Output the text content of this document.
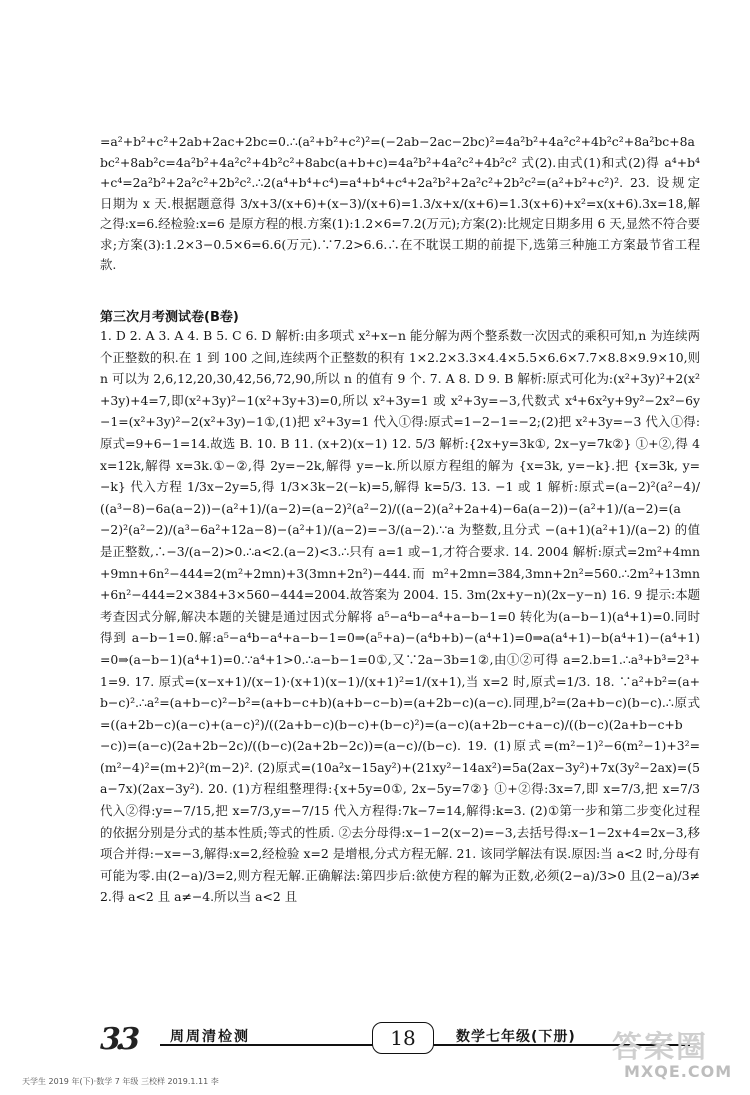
=a²+b²+c²+2ab+2ac+2bc=0.∴(a²+b²+c²)²=(−2ab−2ac−2bc)²=4a²b²+4a²c²+4b²c²+8a²bc+8abc²+8ab²c=4a²b²+4a²c²+4b²c²+8abc(a+b+c)=4a²b²+4a²c²+4b²c² 式(2).由式(1)和式(2)得 a⁴+b⁴+c⁴=2a²b²+2a²c²+2b²c².∴2(a⁴+b⁴+c⁴)=a⁴+b⁴+c⁴+2a²b²+2a²c²+2b²c²=(a²+b²+c²)². 23. 设规定日期为 x 天.根据题意得 3/x+3/(x+6)+(x−3)/(x+6)=1.3/x+x/(x+6)=1.3(x+6)+x²=x(x+6).3x=18,解之得:x=6.经检验:x=6 是原方程的根.方案(1):1.2×6=7.2(万元);方案(2):比规定日期多用 6 天,显然不符合要求;方案(3):1.2×3−0.5×6=6.6(万元).∵7.2>6.6.∴在不耽误工期的前提下,选第三种施工方案最节省工程款.
第三次月考测试卷(B卷)
1. D 2. A 3. A 4. B 5. C 6. D 解析:由多项式 x²+x−n 能分解为两个整系数一次因式的乘积可知,n 为连续两个正整数的积.在 1 到 100 之间,连续两个正整数的积有 1×2.2×3.3×4.4×5.5×6.6×7.7×8.8×9.9×10,则 n 可以为 2,6,12,20,30,42,56,72,90,所以 n 的值有 9 个. 7. A 8. D 9. B 解析:原式可化为:(x²+3y)²+2(x²+3y)+4=7,即(x²+3y)²−1(x²+3y+3)=0,所以 x²+3y=1 或 x²+3y=−3,代数式 x⁴+6x²y+9y²−2x²−6y−1=(x²+3y)²−2(x²+3y)−1①,(1)把 x²+3y=1 代入①得:原式=1−2−1=−2;(2)把 x²+3y=−3 代入①得:原式=9+6−1=14.故选 B. 10. B 11. (x+2)(x−1) 12. 5/3 解析:{2x+y=3k①, 2x−y=7k②} ①+②,得 4x=12k,解得 x=3k.①−②,得 2y=−2k,解得 y=−k.所以原方程组的解为 {x=3k, y=−k}.把 {x=3k, y=−k} 代入方程 1/3x−2y=5,得 1/3×3k−2(−k)=5,解得 k=5/3. 13. −1 或 1 解析:原式=(a−2)²(a²−4)/((a³−8)−6a(a−2))−(a²+1)/(a−2)=(a−2)²(a²−2)/((a−2)(a²+2a+4)−6a(a−2))−(a²+1)/(a−2)=(a−2)²(a²−2)/(a³−6a²+12a−8)−(a²+1)/(a−2)=−3/(a−2).∵a 为整数,且分式 −(a+1)(a²+1)/(a−2) 的值是正整数,∴−3/(a−2)>0.∴a<2.(a−2)<3.∴只有 a=1 或−1,才符合要求. 14. 2004 解析:原式=2m²+4mn+9mn+6n²−444=2(m²+2mn)+3(3mn+2n²)−444.而 m²+2mn=384,3mn+2n²=560.∴2m²+13mn+6n²−444=2×384+3×560−444=2004.故答案为 2004. 15. 3m(2x+y−n)(2x−y−n) 16. 9 提示:本题考查因式分解,解决本题的关键是通过因式分解将 a⁵−a⁴b−a⁴+a−b−1=0 转化为(a−b−1)(a⁴+1)=0.同时得到 a−b−1=0.解:a⁵−a⁴b−a⁴+a−b−1=0⇒(a⁵+a)−(a⁴b+b)−(a⁴+1)=0⇒a(a⁴+1)−b(a⁴+1)−(a⁴+1)=0⇒(a−b−1)(a⁴+1)=0.∵a⁴+1>0.∴a−b−1=0①,又∵2a−3b=1②,由①②可得 a=2.b=1.∴a³+b³=2³+1=9. 17. 原式=(x−x+1)/(x−1)·(x+1)(x−1)/(x+1)²=1/(x+1),当 x=2 时,原式=1/3. 18. ∵a²+b²=(a+b−c)².∴a²=(a+b−c)²−b²=(a+b−c+b)(a+b−c−b)=(a+2b−c)(a−c).同理,b²=(2a+b−c)(b−c).∴原式=((a+2b−c)(a−c)+(a−c)²)/((2a+b−c)(b−c)+(b−c)²)=(a−c)(a+2b−c+a−c)/((b−c)(2a+b−c+b−c))=(a−c)(2a+2b−2c)/((b−c)(2a+2b−2c))=(a−c)/(b−c). 19. (1)原式=(m²−1)²−6(m²−1)+3²=(m²−4)²=(m+2)²(m−2)². (2)原式=(10a²x−15ay²)+(21xy²−14ax²)=5a(2ax−3y²)+7x(3y²−2ax)=(5a−7x)(2ax−3y²). 20. (1)方程组整理得:{x+5y=0①, 2x−5y=7②} ①+②得:3x=7,即 x=7/3,把 x=7/3 代入②得:y=−7/15,把 x=7/3,y=−7/15 代入方程得:7k−7=14,解得:k=3. (2)①第一步和第二步变化过程的依据分别是分式的基本性质;等式的性质. ②去分母得:x−1−2(x−2)=−3,去括号得:x−1−2x+4=2x−3,移项合并得:−x=−3,解得:x=2,经检验 x=2 是增根,分式方程无解. 21. 该同学解法有误.原因:当 a<2 时,分母有可能为零.由(2−a)/3=2,则方程无解.正确解法:第四步后:欲使方程的解为正数,必须(2−a)/3>0 且(2−a)/3≠2.得 a<2 且 a≠−4.所以当 a<2 且
3.3	周周清检测	18	数学七年级(下册) 答案圈
MXQE.COM
天学生 2019 年(下)·数学 7 年级 三校样 2019.1.11 李
